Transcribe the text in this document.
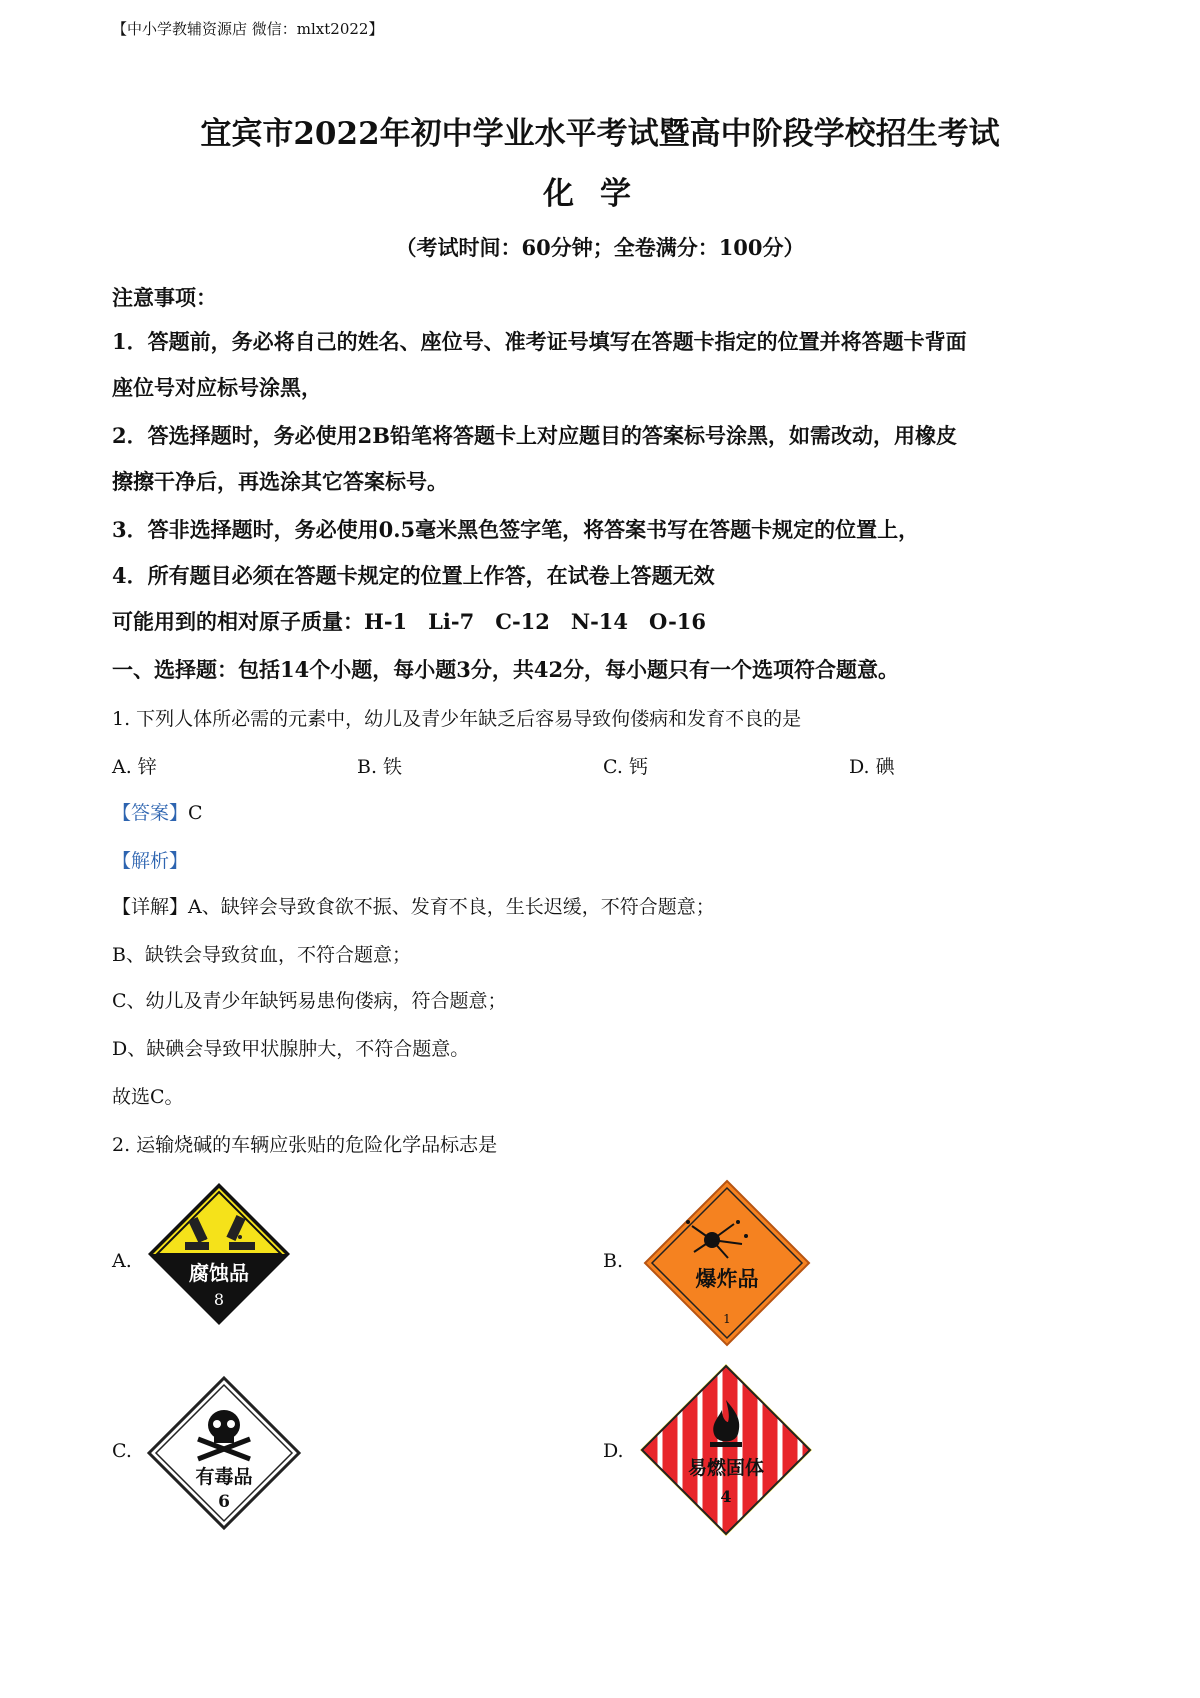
【中小学教辅资源店 微信：mlxt2022】
宜宾市2022年初中学业水平考试暨高中阶段学校招生考试
化学
（考试时间：60分钟；全卷满分：100分）
注意事项：
1．答题前，务必将自己的姓名、座位号、准考证号填写在答题卡指定的位置并将答题卡背面
座位号对应标号涂黑，
2．答选择题时，务必使用2B铅笔将答题卡上对应题目的答案标号涂黑，如需改动，用橡皮
擦擦干净后，再选涂其它答案标号。
3．答非选择题时，务必使用0.5毫米黑色签字笔，将答案书写在答题卡规定的位置上，
4．所有题目必须在答题卡规定的位置上作答，在试卷上答题无效
可能用到的相对原子质量：H-1　Li-7　C-12　N-14　O-16
一、选择题：包括14个小题，每小题3分，共42分，每小题只有一个选项符合题意。
1. 下列人体所必需的元素中，幼儿及青少年缺乏后容易导致佝偻病和发育不良的是
A. 锌	B. 铁	C. 钙	D. 碘
【答案】C
【解析】
【详解】A、缺锌会导致食欲不振、发育不良，生长迟缓，不符合题意；
B、缺铁会导致贫血，不符合题意；
C、幼儿及青少年缺钙易患佝偻病，符合题意；
D、缺碘会导致甲状腺肿大，不符合题意。
故选C。
2. 运输烧碱的车辆应张贴的危险化学品标志是
A.	B.
C.	D.
腐蚀品
8
爆炸品
1
有毒品
6
易燃固体
4
